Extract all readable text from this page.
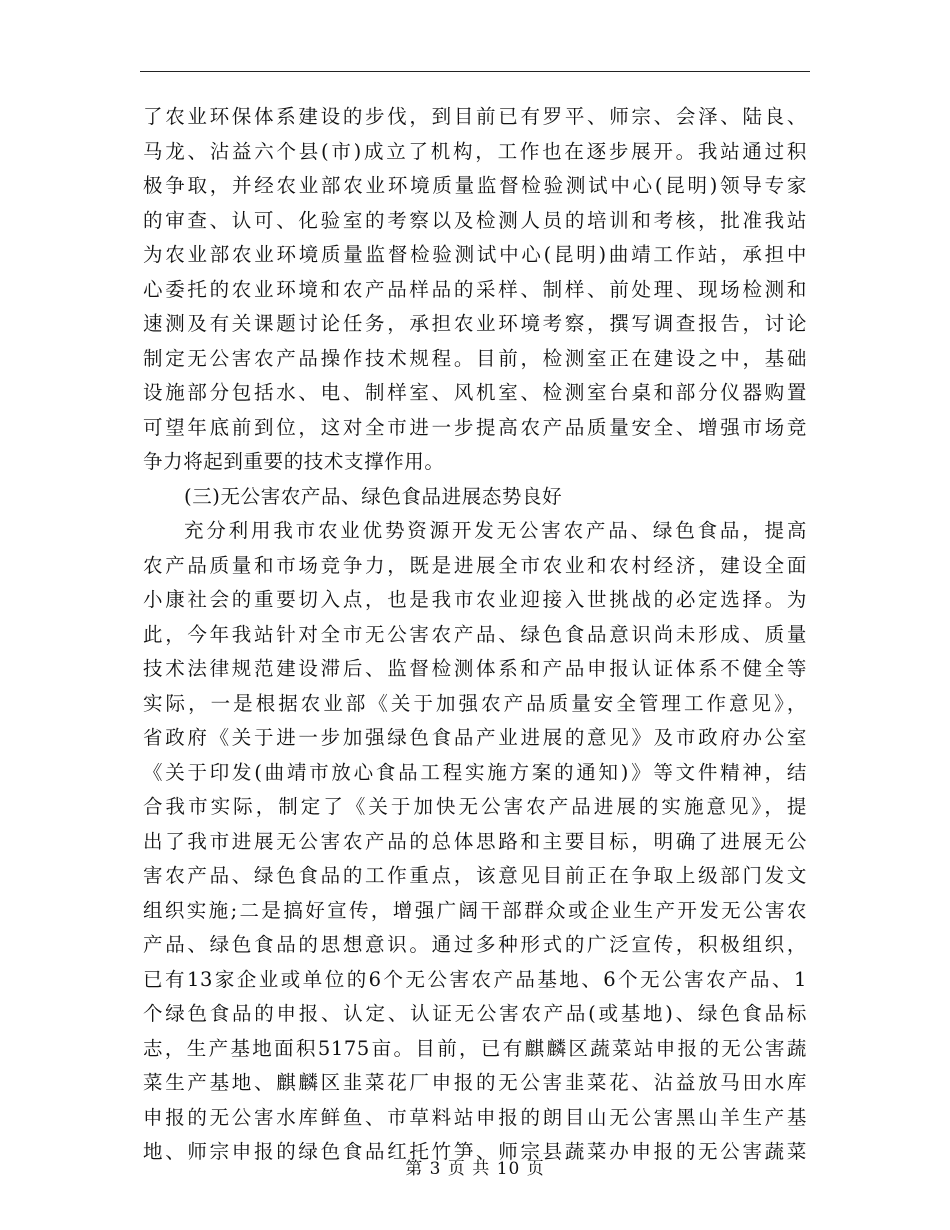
了农业环保体系建设的步伐，到目前已有罗平、师宗、会泽、陆良、
马龙、沾益六个县(市)成立了机构，工作也在逐步展开。我站通过积
极争取，并经农业部农业环境质量监督检验测试中心(昆明)领导专家
的审查、认可、化验室的考察以及检测人员的培训和考核，批准我站
为农业部农业环境质量监督检验测试中心(昆明)曲靖工作站，承担中
心委托的农业环境和农产品样品的采样、制样、前处理、现场检测和
速测及有关课题讨论任务，承担农业环境考察，撰写调查报告，讨论
制定无公害农产品操作技术规程。目前，检测室正在建设之中，基础
设施部分包括水、电、制样室、风机室、检测室台桌和部分仪器购置
可望年底前到位，这对全市进一步提高农产品质量安全、增强市场竞
争力将起到重要的技术支撑作用。
(三)无公害农产品、绿色食品进展态势良好
充分利用我市农业优势资源开发无公害农产品、绿色食品，提高
农产品质量和市场竞争力，既是进展全市农业和农村经济，建设全面
小康社会的重要切入点，也是我市农业迎接入世挑战的必定选择。为
此，今年我站针对全市无公害农产品、绿色食品意识尚未形成、质量
技术法律规范建设滞后、监督检测体系和产品申报认证体系不健全等
实际，一是根据农业部《关于加强农产品质量安全管理工作意见》，
省政府《关于进一步加强绿色食品产业进展的意见》及市政府办公室
《关于印发(曲靖市放心食品工程实施方案的通知)》等文件精神，结
合我市实际，制定了《关于加快无公害农产品进展的实施意见》，提
出了我市进展无公害农产品的总体思路和主要目标，明确了进展无公
害农产品、绿色食品的工作重点，该意见目前正在争取上级部门发文
组织实施;二是搞好宣传，增强广阔干部群众或企业生产开发无公害农
产品、绿色食品的思想意识。通过多种形式的广泛宣传，积极组织，
已有13家企业或单位的6个无公害农产品基地、6个无公害农产品、1
个绿色食品的申报、认定、认证无公害农产品(或基地)、绿色食品标
志，生产基地面积5175亩。目前，已有麒麟区蔬菜站申报的无公害蔬
菜生产基地、麒麟区韭菜花厂申报的无公害韭菜花、沾益放马田水库
申报的无公害水库鲜鱼、市草料站申报的朗目山无公害黑山羊生产基
地、师宗申报的绿色食品红托竹笋、师宗县蔬菜办申报的无公害蔬菜
第 3 页 共 10 页
